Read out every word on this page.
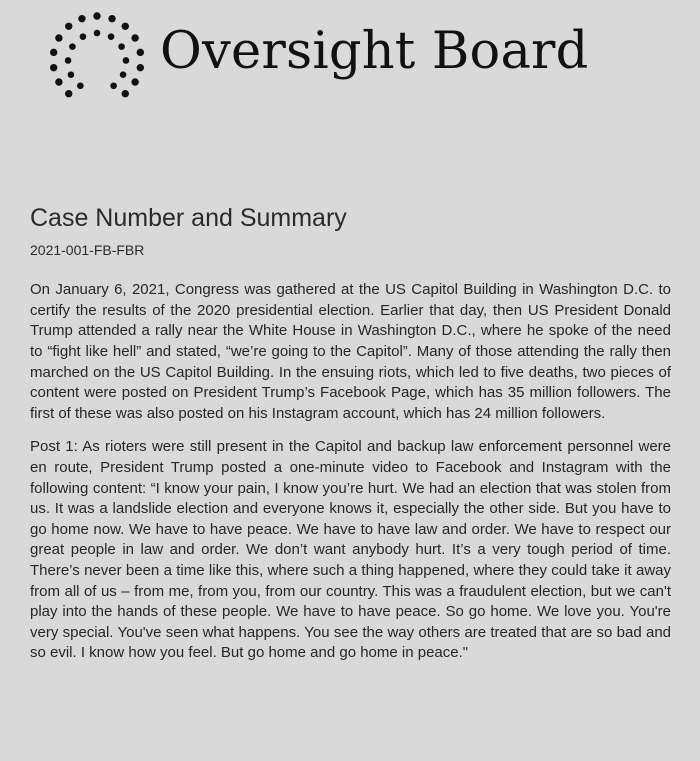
Oversight Board
Case Number and Summary
2021-001-FB-FBR

On January 6, 2021, Congress was gathered at the US Capitol Building in Washington D.C. to certify the results of the 2020 presidential election. Earlier that day, then US President Donald Trump attended a rally near the White House in Washington D.C., where he spoke of the need to “fight like hell” and stated, “we’re going to the Capitol”. Many of those attending the rally then marched on the US Capitol Building. In the ensuing riots, which led to five deaths, two pieces of content were posted on President Trump’s Facebook Page, which has 35 million followers. The first of these was also posted on his Instagram account, which has 24 million followers.

Post 1: As rioters were still present in the Capitol and backup law enforcement personnel were en route, President Trump posted a one-minute video to Facebook and Instagram with the following content: “I know your pain, I know you’re hurt. We had an election that was stolen from us. It was a landslide election and everyone knows it, especially the other side. But you have to go home now. We have to have peace. We have to have law and order. We have to respect our great people in law and order. We don’t want anybody hurt. It’s a very tough period of time. There’s never been a time like this, where such a thing happened, where they could take it away from all of us – from me, from you, from our country. This was a fraudulent election, but we can't play into the hands of these people. We have to have peace. So go home. We love you. You're very special. You've seen what happens. You see the way others are treated that are so bad and so evil. I know how you feel. But go home and go home in peace."
